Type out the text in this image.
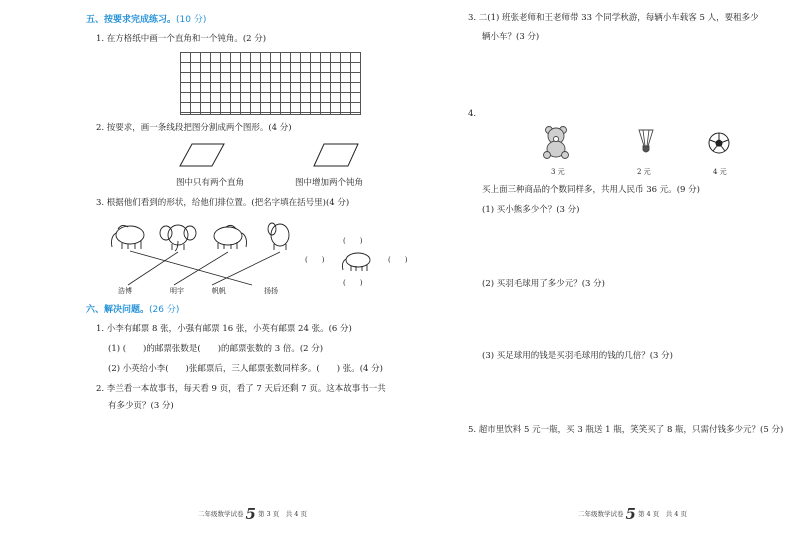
五、按要求完成练习。(10 分)
1. 在方格纸中画一个直角和一个钝角。(2 分)
2. 按要求，画一条线段把图分割成两个图形。(4 分)
图中只有两个直角	图中增加两个钝角
3. 根据他们看到的形状，给他们排位置。(把名字填在括号里)(4 分)
浩博	明宇	帆帆	扬扬
(　　)
(　　)	(　　)
(　　)
六、解决问题。(26 分)
1. 小李有邮票 8 张，小强有邮票 16 张，小英有邮票 24 张。(6 分)
(1) (　　)的邮票张数是(　　)的邮票张数的 3 倍。(2 分)
(2) 小英给小李(　　)张邮票后，三人邮票张数同样多。(　　) 张。(4 分)
2. 李兰看一本故事书，每天看 9 页，看了 7 天后还剩 7 页。这本故事书一共
有多少页？(3 分)
二年级数学试卷 5 第 3 页　共 4 页
3. 二(1) 班张老师和王老师带 33 个同学秋游，每辆小车载客 5 人，要租多少
辆小车？(3 分)
4.
3 元	2 元	4 元
买上面三种商品的个数同样多，共用人民币 36 元。(9 分)
(1) 买小熊多少个？(3 分)
(2) 买羽毛球用了多少元？(3 分)
(3) 买足球用的钱是买羽毛球用的钱的几倍？(3 分)
5. 超市里饮料 5 元一瓶，买 3 瓶送 1 瓶，笑笑买了 8 瓶，只需付钱多少元？(5 分)
二年级数学试卷 5 第 4 页　共 4 页
